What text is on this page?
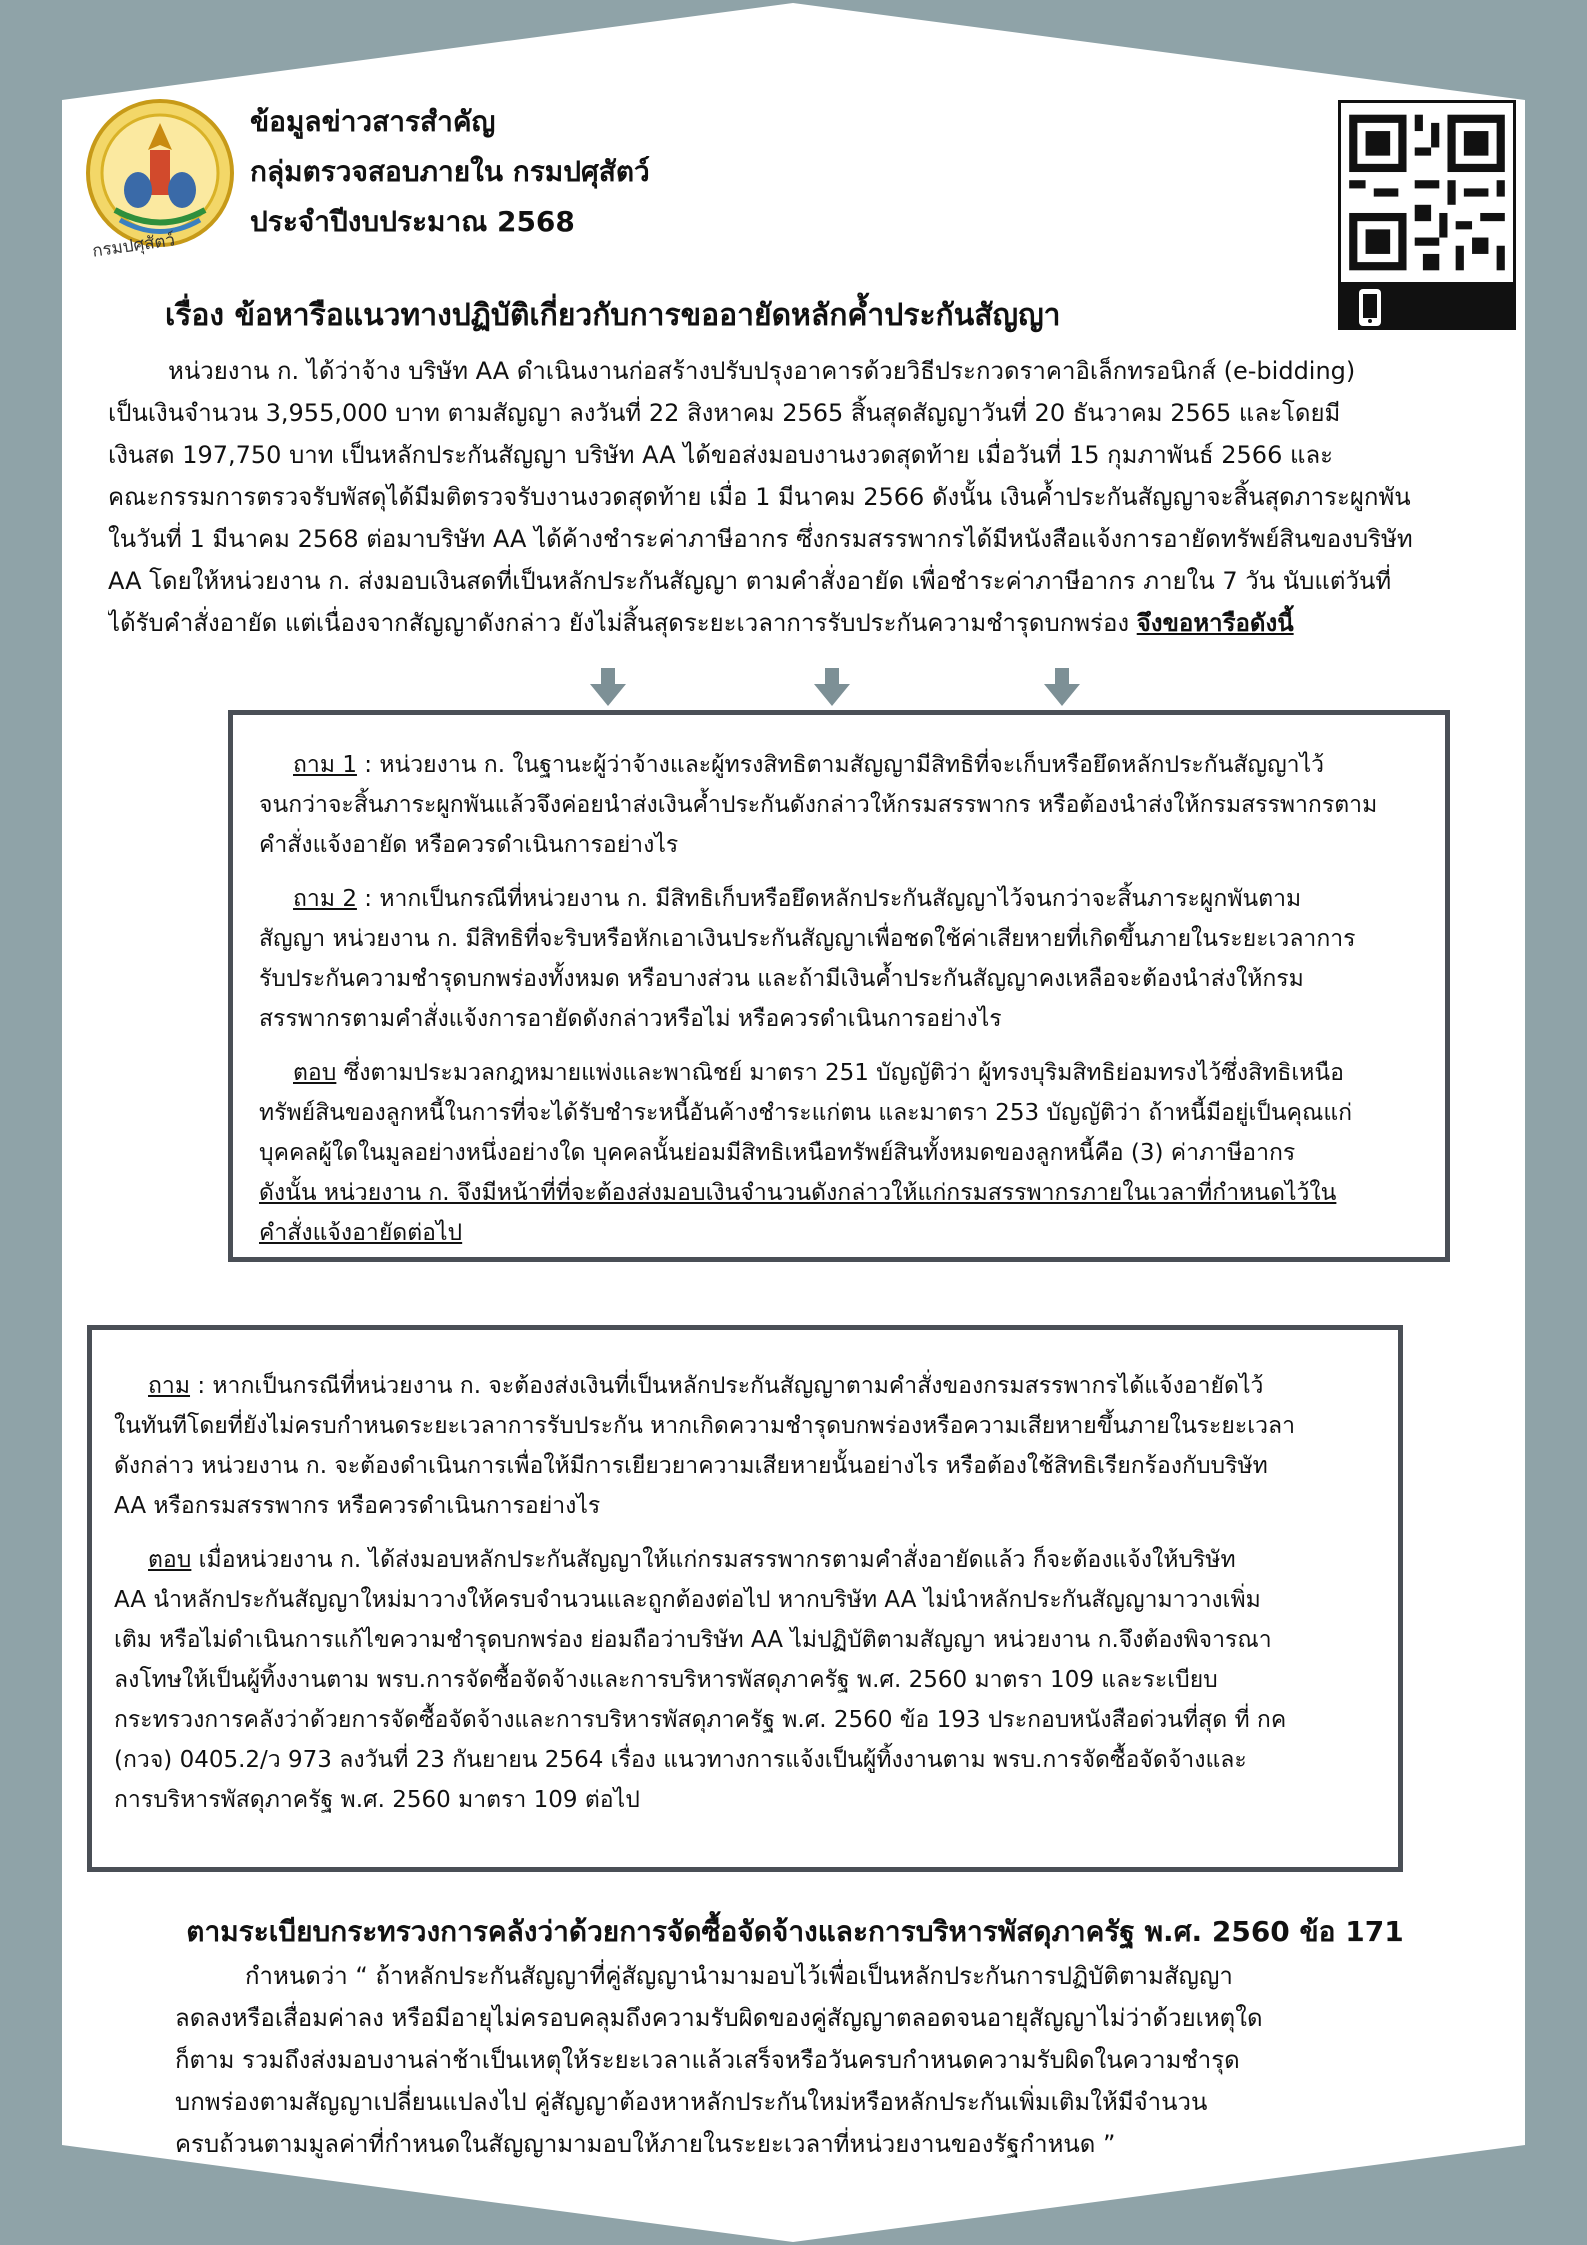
กรมปศุสัตว์
ข้อมูลข่าวสารสำคัญ
กลุ่มตรวจสอบภายใน กรมปศุสัตว์
ประจำปีงบประมาณ 2568
เรื่อง ข้อหารือแนวทางปฏิบัติเกี่ยวกับการขออายัดหลักค้ำประกันสัญญา
หน่วยงาน ก. ได้ว่าจ้าง บริษัท AA ดำเนินงานก่อสร้างปรับปรุงอาคารด้วยวิธีประกวดราคาอิเล็กทรอนิกส์ (e-bidding)
เป็นเงินจำนวน 3,955,000 บาท ตามสัญญา ลงวันที่ 22 สิงหาคม 2565 สิ้นสุดสัญญาวันที่ 20 ธันวาคม 2565 และโดยมี
เงินสด 197,750 บาท เป็นหลักประกันสัญญา บริษัท AA ได้ขอส่งมอบงานงวดสุดท้าย เมื่อวันที่ 15 กุมภาพันธ์ 2566 และ
คณะกรรมการตรวจรับพัสดุได้มีมติตรวจรับงานงวดสุดท้าย เมื่อ 1 มีนาคม 2566 ดังนั้น เงินค้ำประกันสัญญาจะสิ้นสุดภาระผูกพัน
ในวันที่ 1 มีนาคม 2568 ต่อมาบริษัท AA ได้ค้างชำระค่าภาษีอากร ซึ่งกรมสรรพากรได้มีหนังสือแจ้งการอายัดทรัพย์สินของบริษัท
AA โดยให้หน่วยงาน ก. ส่งมอบเงินสดที่เป็นหลักประกันสัญญา ตามคำสั่งอายัด เพื่อชำระค่าภาษีอากร ภายใน 7 วัน นับแต่วันที่
ได้รับคำสั่งอายัด แต่เนื่องจากสัญญาดังกล่าว ยังไม่สิ้นสุดระยะเวลาการรับประกันความชำรุดบกพร่อง จึงขอหารือดังนี้
ถาม 1 : หน่วยงาน ก. ในฐานะผู้ว่าจ้างและผู้ทรงสิทธิตามสัญญามีสิทธิที่จะเก็บหรือยึดหลักประกันสัญญาไว้
จนกว่าจะสิ้นภาระผูกพันแล้วจึงค่อยนำส่งเงินค้ำประกันดังกล่าวให้กรมสรรพากร หรือต้องนำส่งให้กรมสรรพากรตาม
คำสั่งแจ้งอายัด หรือควรดำเนินการอย่างไร
ถาม 2 : หากเป็นกรณีที่หน่วยงาน ก. มีสิทธิเก็บหรือยึดหลักประกันสัญญาไว้จนกว่าจะสิ้นภาระผูกพันตาม
สัญญา หน่วยงาน ก. มีสิทธิที่จะริบหรือหักเอาเงินประกันสัญญาเพื่อชดใช้ค่าเสียหายที่เกิดขึ้นภายในระยะเวลาการ
รับประกันความชำรุดบกพร่องทั้งหมด หรือบางส่วน และถ้ามีเงินค้ำประกันสัญญาคงเหลือจะต้องนำส่งให้กรม
สรรพากรตามคำสั่งแจ้งการอายัดดังกล่าวหรือไม่ หรือควรดำเนินการอย่างไร
ตอบ ซึ่งตามประมวลกฎหมายแพ่งและพาณิชย์ มาตรา 251 บัญญัติว่า ผู้ทรงบุริมสิทธิย่อมทรงไว้ซึ่งสิทธิเหนือ
ทรัพย์สินของลูกหนี้ในการที่จะได้รับชำระหนี้อันค้างชำระแก่ตน และมาตรา 253 บัญญัติว่า ถ้าหนี้มีอยู่เป็นคุณแก่
บุคคลผู้ใดในมูลอย่างหนึ่งอย่างใด บุคคลนั้นย่อมมีสิทธิเหนือทรัพย์สินทั้งหมดของลูกหนี้คือ (3) ค่าภาษีอากร
ดังนั้น หน่วยงาน ก. จึงมีหน้าที่ที่จะต้องส่งมอบเงินจำนวนดังกล่าวให้แก่กรมสรรพากรภายในเวลาที่กำหนดไว้ใน
คำสั่งแจ้งอายัดต่อไป
ถาม : หากเป็นกรณีที่หน่วยงาน ก. จะต้องส่งเงินที่เป็นหลักประกันสัญญาตามคำสั่งของกรมสรรพากรได้แจ้งอายัดไว้
ในทันทีโดยที่ยังไม่ครบกำหนดระยะเวลาการรับประกัน หากเกิดความชำรุดบกพร่องหรือความเสียหายขึ้นภายในระยะเวลา
ดังกล่าว หน่วยงาน ก. จะต้องดำเนินการเพื่อให้มีการเยียวยาความเสียหายนั้นอย่างไร หรือต้องใช้สิทธิเรียกร้องกับบริษัท
AA หรือกรมสรรพากร หรือควรดำเนินการอย่างไร
ตอบ เมื่อหน่วยงาน ก. ได้ส่งมอบหลักประกันสัญญาให้แก่กรมสรรพากรตามคำสั่งอายัดแล้ว ก็จะต้องแจ้งให้บริษัท
AA นำหลักประกันสัญญาใหม่มาวางให้ครบจำนวนและถูกต้องต่อไป หากบริษัท AA ไม่นำหลักประกันสัญญามาวางเพิ่ม
เติม หรือไม่ดำเนินการแก้ไขความชำรุดบกพร่อง ย่อมถือว่าบริษัท AA ไม่ปฏิบัติตามสัญญา หน่วยงาน ก.จึงต้องพิจารณา
ลงโทษให้เป็นผู้ทิ้งงานตาม พรบ.การจัดซื้อจัดจ้างและการบริหารพัสดุภาครัฐ พ.ศ. 2560 มาตรา 109 และระเบียบ
กระทรวงการคลังว่าด้วยการจัดซื้อจัดจ้างและการบริหารพัสดุภาครัฐ พ.ศ. 2560 ข้อ 193 ประกอบหนังสือด่วนที่สุด ที่ กค
(กวจ) 0405.2/ว 973 ลงวันที่ 23 กันยายน 2564 เรื่อง แนวทางการแจ้งเป็นผู้ทิ้งงานตาม พรบ.การจัดซื้อจัดจ้างและ
การบริหารพัสดุภาครัฐ พ.ศ. 2560 มาตรา 109 ต่อไป
ตามระเบียบกระทรวงการคลังว่าด้วยการจัดซื้อจัดจ้างและการบริหารพัสดุภาครัฐ พ.ศ. 2560 ข้อ 171
กำหนดว่า “ ถ้าหลักประกันสัญญาที่คู่สัญญานำมามอบไว้เพื่อเป็นหลักประกันการปฏิบัติตามสัญญา
ลดลงหรือเสื่อมค่าลง หรือมีอายุไม่ครอบคลุมถึงความรับผิดของคู่สัญญาตลอดจนอายุสัญญาไม่ว่าด้วยเหตุใด
ก็ตาม รวมถึงส่งมอบงานล่าช้าเป็นเหตุให้ระยะเวลาแล้วเสร็จหรือวันครบกำหนดความรับผิดในความชำรุด
บกพร่องตามสัญญาเปลี่ยนแปลงไป คู่สัญญาต้องหาหลักประกันใหม่หรือหลักประกันเพิ่มเติมให้มีจำนวน
ครบถ้วนตามมูลค่าที่กำหนดในสัญญามามอบให้ภายในระยะเวลาที่หน่วยงานของรัฐกำหนด ”
